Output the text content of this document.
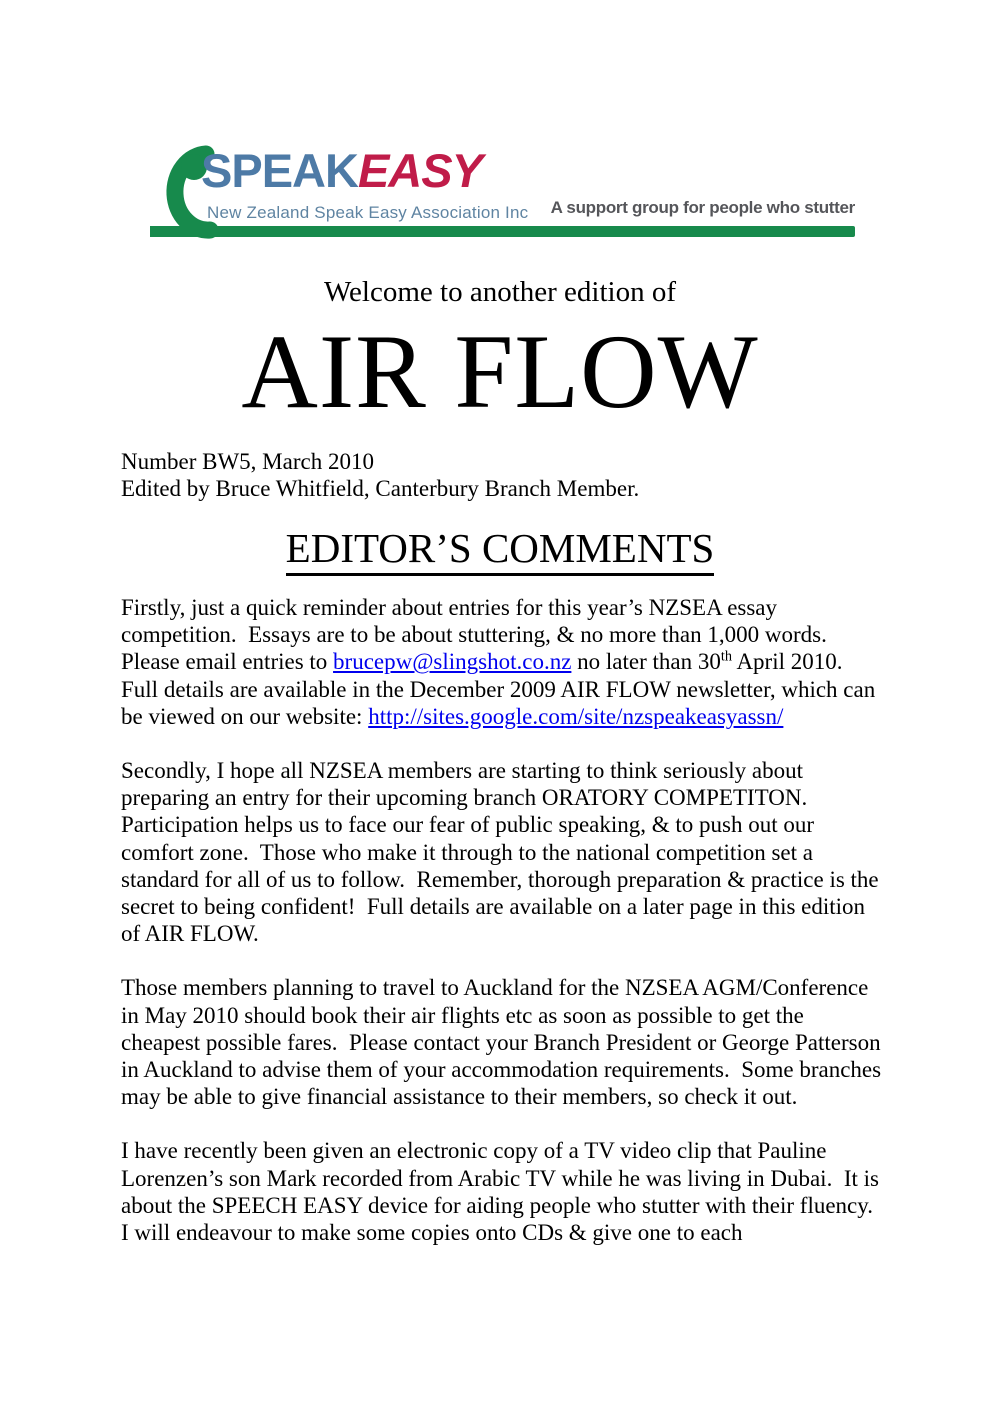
SPEAKEASY
New Zealand Speak Easy Association Inc A support group for people who stutter
Welcome to another edition of
AIR FLOW
Number BW5, March 2010
Edited by Bruce Whitfield, Canterbury Branch Member.
EDITOR’S COMMENTS

Firstly, just a quick reminder about entries for this year’s NZSEA essay competition.  Essays are to be about stuttering, & no more than 1,000 words. Please email entries to brucepw@slingshot.co.nz no later than 30th April 2010.  Full details are available in the December 2009 AIR FLOW newsletter, which can be viewed on our website: http://sites.google.com/site/nzspeakeasyassn/

Secondly, I hope all NZSEA members are starting to think seriously about preparing an entry for their upcoming branch ORATORY COMPETITON.  Participation helps us to face our fear of public speaking, & to push out our comfort zone.  Those who make it through to the national competition set a standard for all of us to follow.  Remember, thorough preparation & practice is the secret to being confident!  Full details are available on a later page in this edition of AIR FLOW.

Those members planning to travel to Auckland for the NZSEA AGM/Conference in May 2010 should book their air flights etc as soon as possible to get the cheapest possible fares.  Please contact your Branch President or George Patterson in Auckland to advise them of your accommodation requirements.  Some branches may be able to give financial assistance to their members, so check it out.

I have recently been given an electronic copy of a TV video clip that Pauline Lorenzen’s son Mark recorded from Arabic TV while he was living in Dubai.  It is about the SPEECH EASY device for aiding people who stutter with their fluency.  I will endeavour to make some copies onto CDs & give one to each
